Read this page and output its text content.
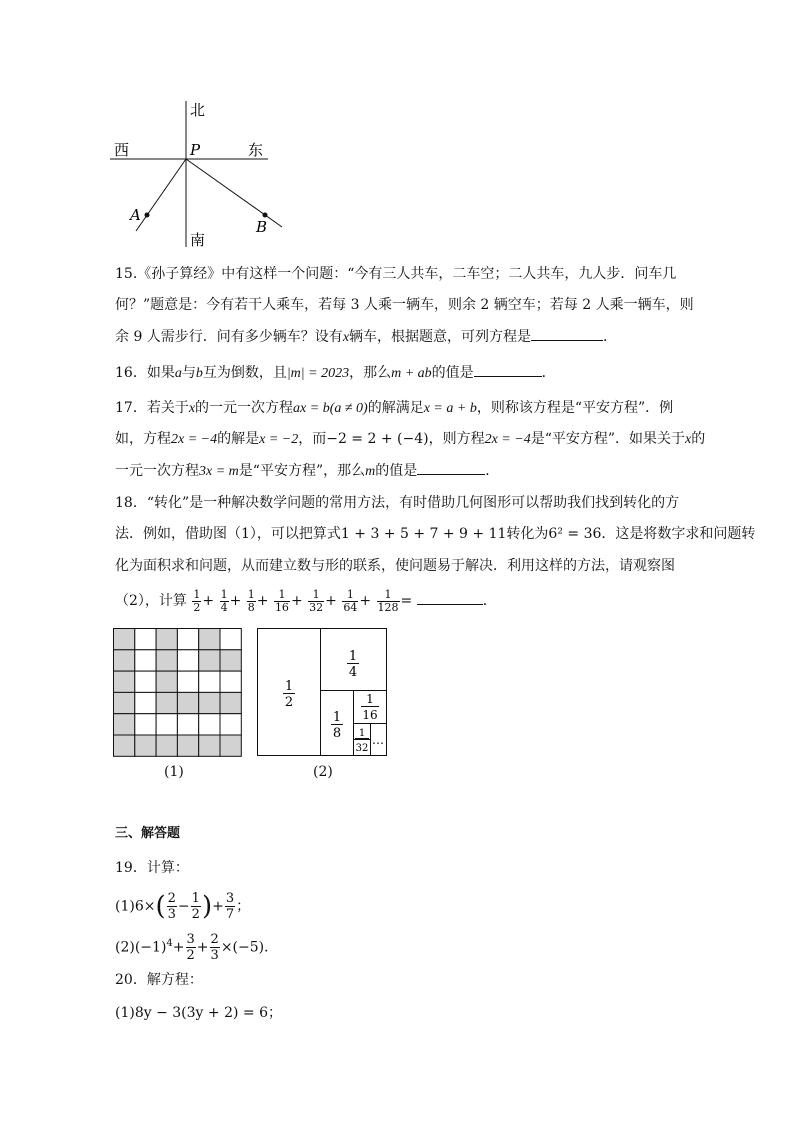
北
南
西	东
P
A
B
15.《孙子算经》中有这样一个问题：“今有三人共车，二车空；二人共车，九人步．问车几
何？”题意是：今有若干人乘车，若每 3 人乘一辆车，则余 2 辆空车；若每 2 人乘一辆车，则
余 9 人需步行．问有多少辆车？设有x辆车，根据题意，可列方程是	．
16．如果a与b互为倒数，且|m| = 2023，那么m + ab的值是	．
17．若关于x的一元一次方程ax = b(a ≠ 0)的解满足x = a + b，则称该方程是“平安方程”．例
如，方程2x = −4的解是x = −2，而−2 = 2 + (−4)，则方程2x = −4是“平安方程”．如果关于x的
一元一次方程3x = m是“平安方程”，那么m的值是	．
18．“转化”是一种解决数学问题的常用方法，有时借助几何图形可以帮助我们找到转化的方
法．例如，借助图（1），可以把算式1 + 3 + 5 + 7 + 9 + 11转化为6² = 36．这是将数字求和问题转
化为面积求和问题，从而建立数与形的联系，使问题易于解决．利用这样的方法，请观察图
（2），计算 $\frac{1}{2} + \frac{1}{4} + \frac{1}{8} + \frac{1}{16} + \frac{1}{32} + \frac{1}{64} + \frac{1}{128}$ =	．
(1)
1
2
1
4
1
8
1
16
1
32
…
(2)
三、解答题
19．计算：
$(1)6\times( \frac{2}{3} - \frac{1}{2}$ )+ $\frac{3}{7}$ ；
$(2)(-1)^4+ \frac{3}{2} + \frac{2}{3} \times(-5)$．
20．解方程：
(1)8y − 3(3y + 2) = 6；
